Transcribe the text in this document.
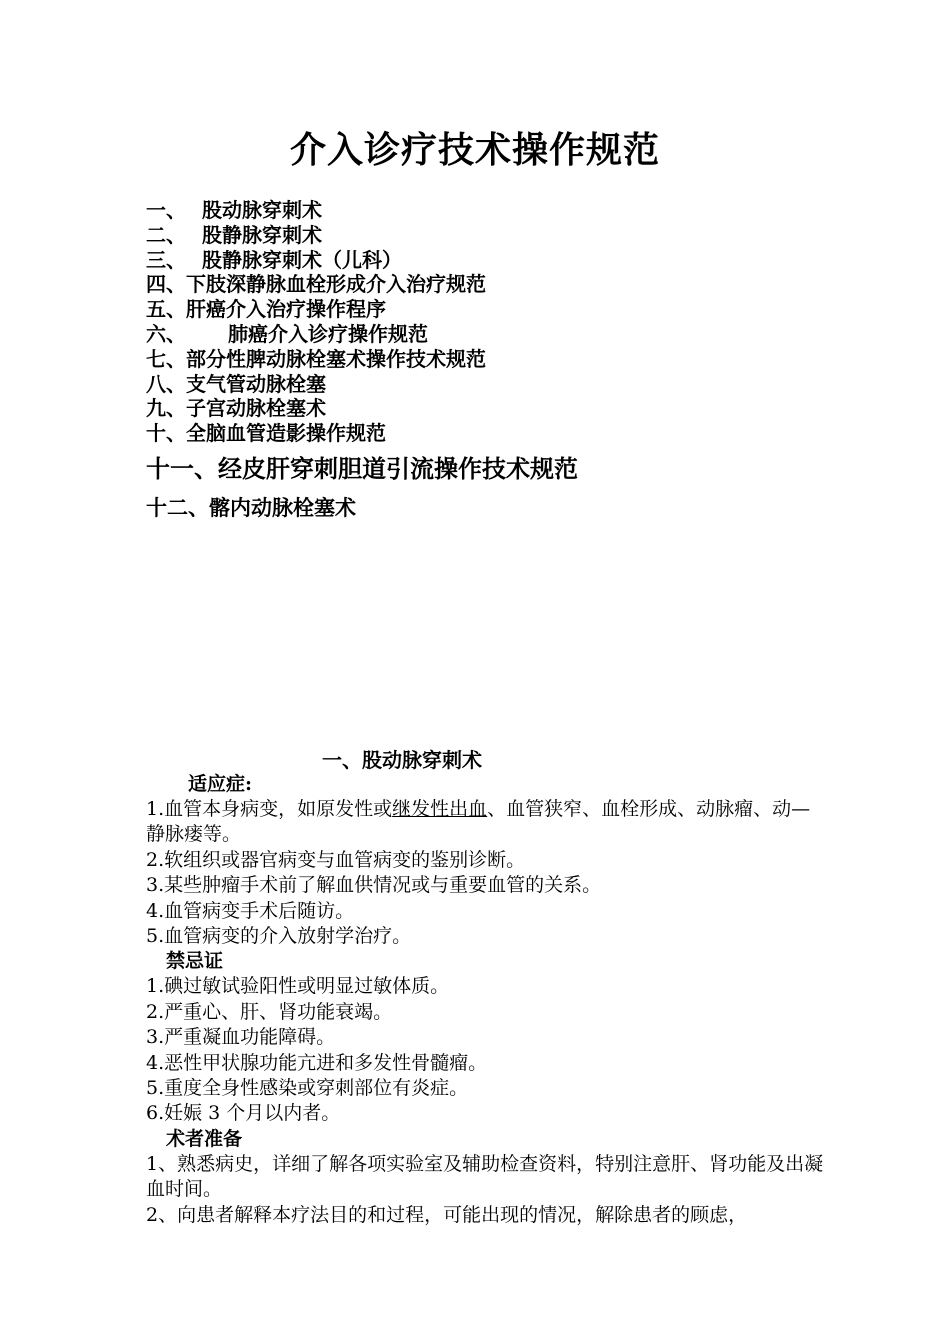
介入诊疗技术操作规范
一、 股动脉穿刺术
二、 股静脉穿刺术
三、 股静脉穿刺术（儿科）
四、下肢深静脉血栓形成介入治疗规范
五、肝癌介入治疗操作程序
六、 肺癌介入诊疗操作规范
七、部分性脾动脉栓塞术操作技术规范
八、支气管动脉栓塞
九、子宫动脉栓塞术
十、全脑血管造影操作规范
十一、经皮肝穿刺胆道引流操作技术规范
十二、髂内动脉栓塞术
一、股动脉穿刺术
适应症:

1.血管本身病变，如原发性或继发性出血、血管狭窄、血栓形成、动脉瘤、动—静脉瘘等。

2.软组织或器官病变与血管病变的鉴别诊断。

3.某些肿瘤手术前了解血供情况或与重要血管的关系。

4.血管病变手术后随访。

5.血管病变的介入放射学治疗。

禁忌证

1.碘过敏试验阳性或明显过敏体质。

2.严重心、肝、肾功能衰竭。

3.严重凝血功能障碍。

4.恶性甲状腺功能亢进和多发性骨髓瘤。

5.重度全身性感染或穿刺部位有炎症。

6.妊娠 3 个月以内者。

术者准备

1、熟悉病史，详细了解各项实验室及辅助检查资料，特别注意肝、肾功能及出凝血时间。

2、向患者解释本疗法目的和过程，可能出现的情况，解除患者的顾虑，
